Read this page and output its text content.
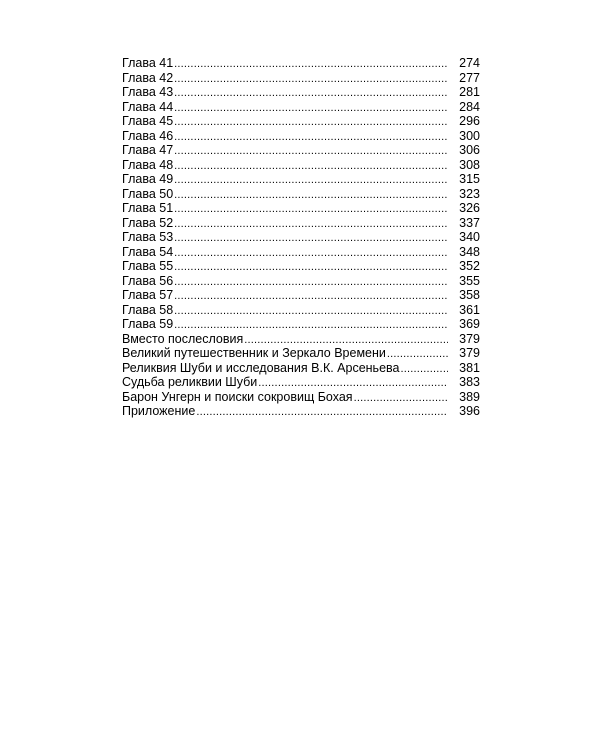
Глава 41 .....	274
Глава 42 .....	277
Глава 43 .....	281
Глава 44 .....	284
Глава 45 .....	296
Глава 46 .....	300
Глава 47 .....	306
Глава 48 .....	308
Глава 49 .....	315
Глава 50 .....	323
Глава 51 .....	326
Глава 52 .....	337
Глава 53 .....	340
Глава 54 .....	348
Глава 55 .....	352
Глава 56 .....	355
Глава 57 .....	358
Глава 58 .....	361
Глава 59 .....	369
Вместо послесловия .....	379
Великий путешественник и Зеркало Времени .....	379
Реликвия Шуби и исследования В.К. Арсеньева .....	381
Судьба реликвии Шуби .....	383
Барон Унгерн и поиски сокровищ Бохая .....	389
Приложение .....	396
